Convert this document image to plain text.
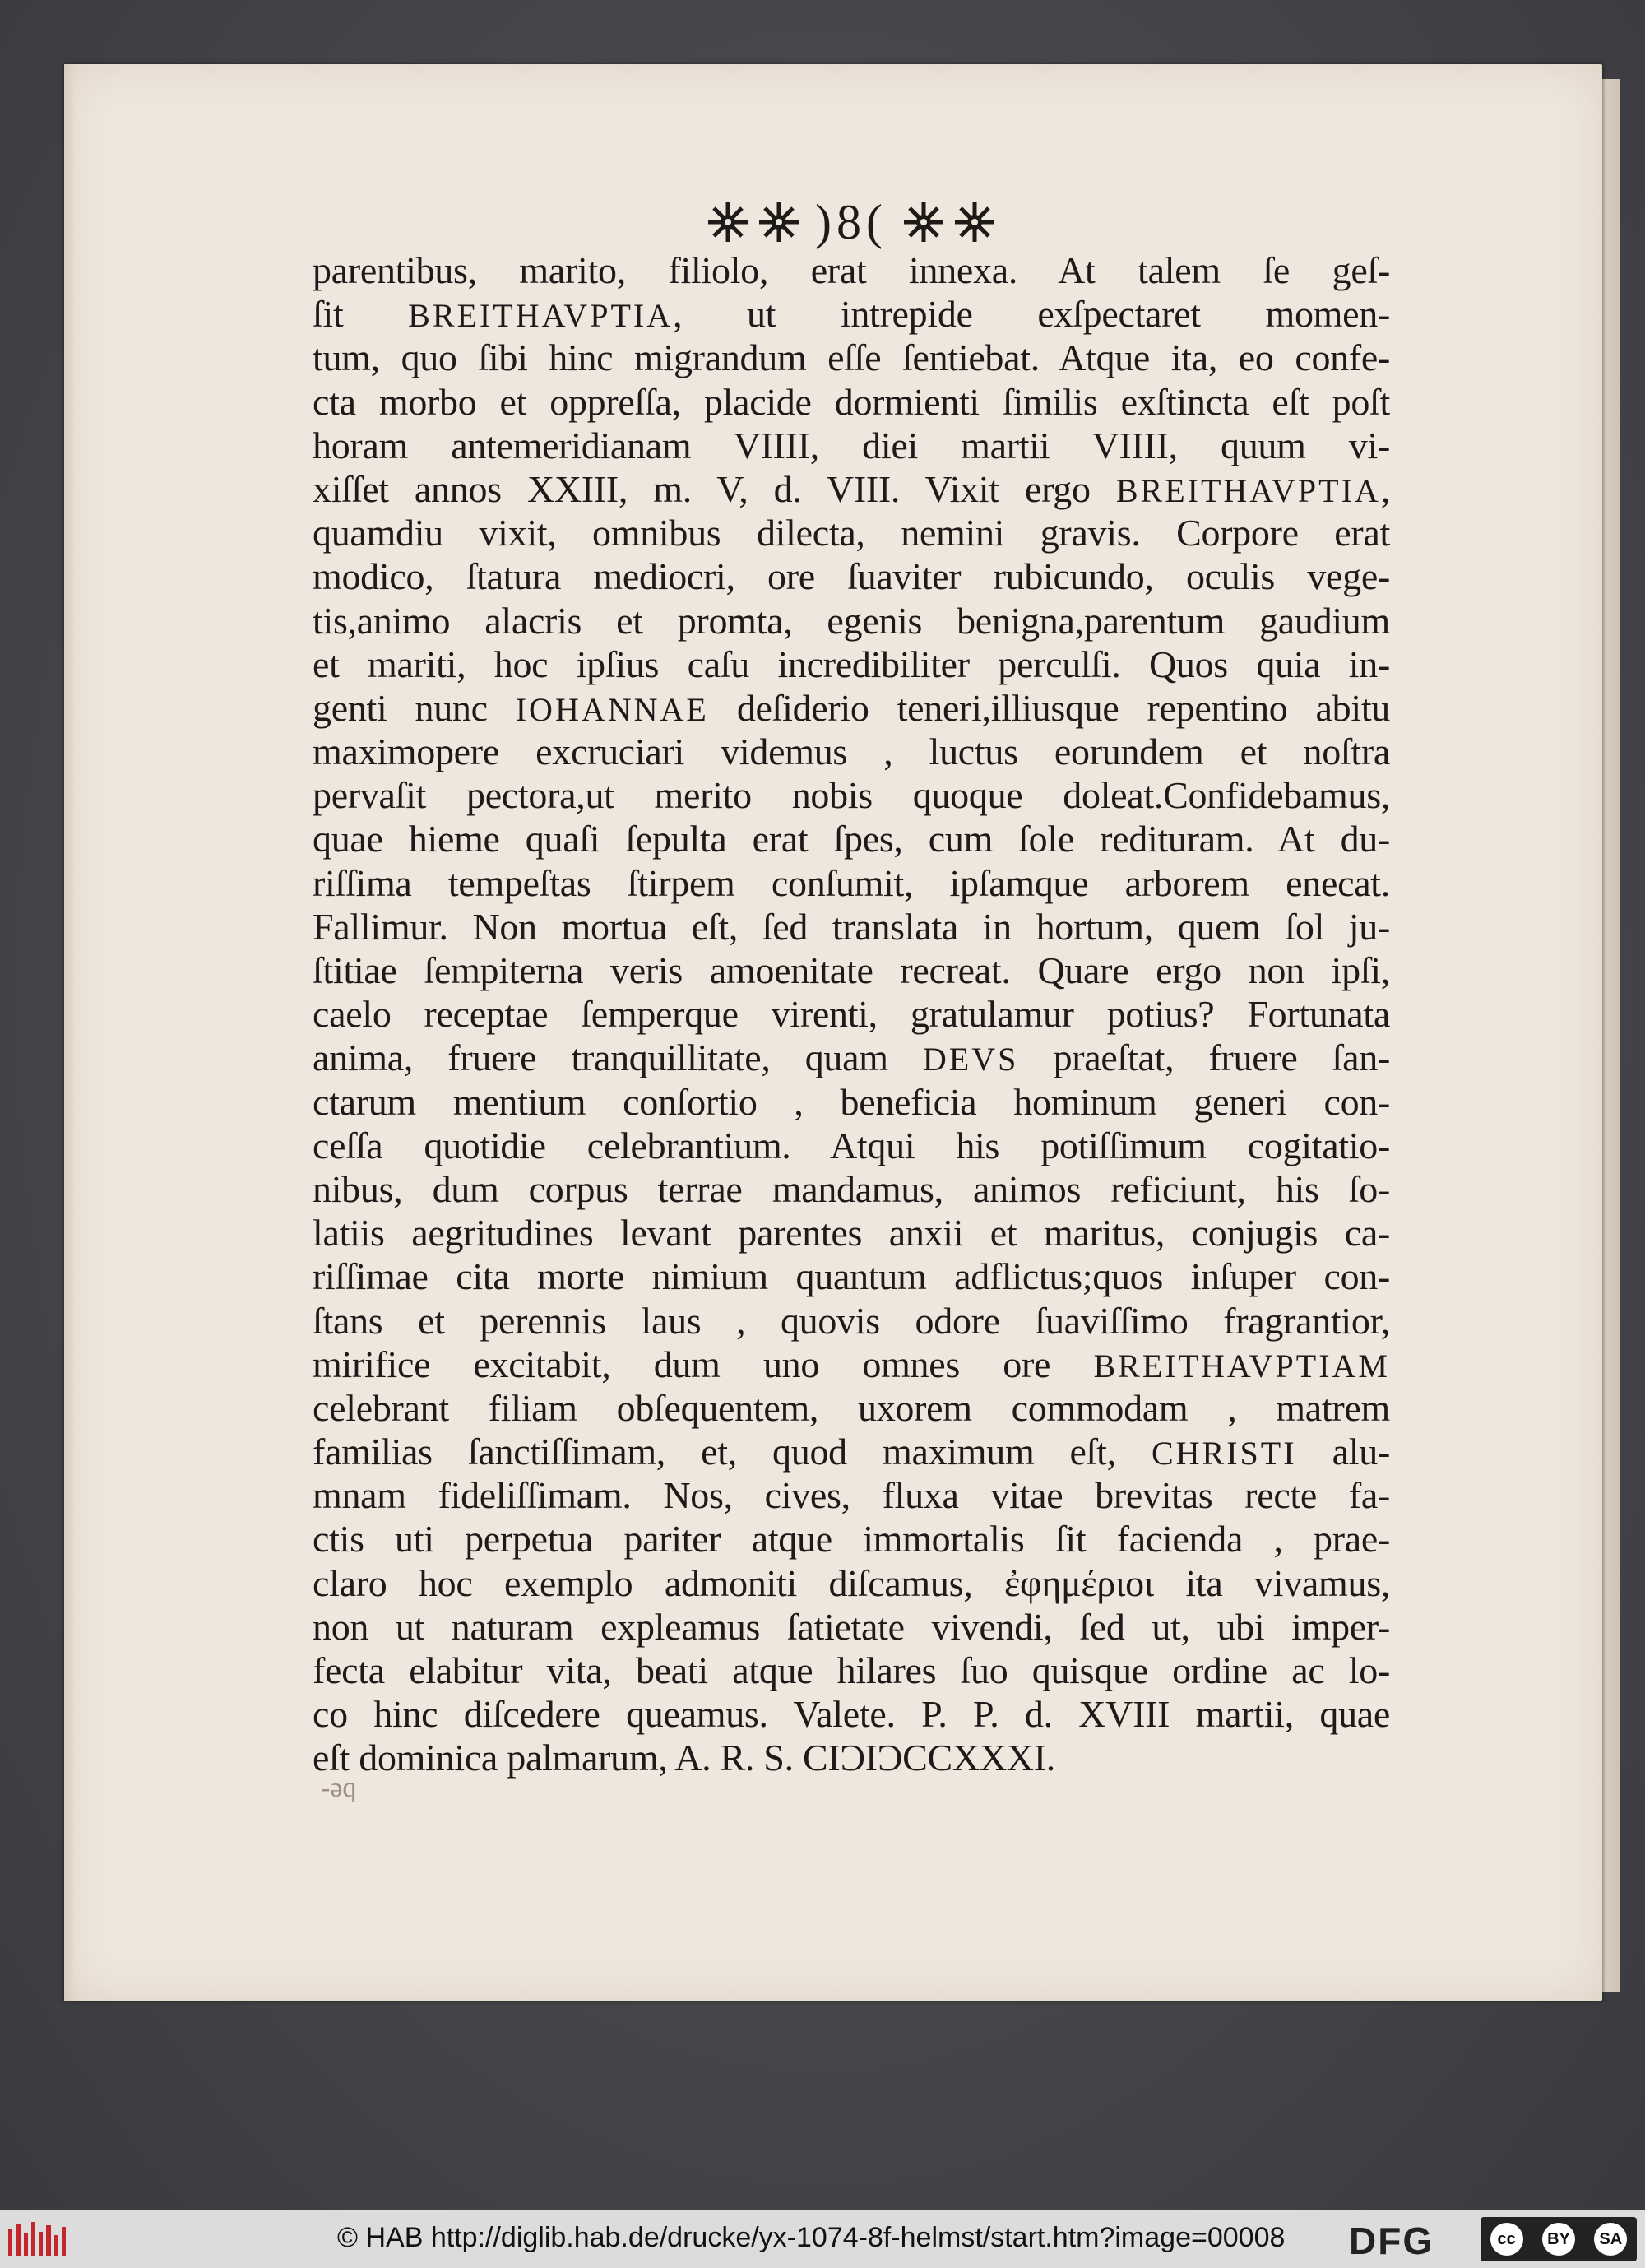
)8(
parentibus, marito, filiolo, erat innexa. At talem ſe geſ-
ſit BREITHAVPTIA, ut intrepide exſpectaret momen-
tum, quo ſibi hinc migrandum eſſe ſentiebat. Atque ita, eo confe-
cta morbo et oppreſſa, placide dormienti ſimilis exſtincta eſt poſt
horam antemeridianam VIIII, diei martii VIIII, quum vi-
xiſſet annos XXIII, m. V, d. VIII. Vixit ergo BREITHAVPTIA,
quamdiu vixit, omnibus dilecta, nemini gravis. Corpore erat
modico, ſtatura mediocri, ore ſuaviter rubicundo, oculis vege-
tis,animo alacris et promta, egenis benigna,parentum gaudium
et mariti, hoc ipſius caſu incredibiliter perculſi. Quos quia in-
genti nunc IOHANNAE deſiderio teneri,illiusque repentino abitu
maximopere excruciari videmus , luctus eorundem et noſtra
pervaſit pectora,ut merito nobis quoque doleat.Confidebamus,
quae hieme quaſi ſepulta erat ſpes, cum ſole redituram. At du-
riſſima tempeſtas ſtirpem conſumit, ipſamque arborem enecat.
Fallimur. Non mortua eſt, ſed translata in hortum, quem ſol ju-
ſtitiae ſempiterna veris amoenitate recreat. Quare ergo non ipſi,
caelo receptae ſemperque virenti, gratulamur potius? Fortunata
anima, fruere tranquillitate, quam DEVS praeſtat, fruere ſan-
ctarum mentium conſortio , beneficia hominum generi con-
ceſſa quotidie celebrantium. Atqui his potiſſimum cogitatio-
nibus, dum corpus terrae mandamus, animos reficiunt, his ſo-
latiis aegritudines levant parentes anxii et maritus, conjugis ca-
riſſimae cita morte nimium quantum adflictus;quos inſuper con-
ſtans et perennis laus , quovis odore ſuaviſſimo fragrantior,
mirifice excitabit, dum uno omnes ore BREITHAVPTIAM
celebrant filiam obſequentem, uxorem commodam , matrem
familias ſanctiſſimam, et, quod maximum eſt, CHRISTI alu-
mnam fideliſſimam. Nos, cives, fluxa vitae brevitas recte fa-
ctis uti perpetua pariter atque immortalis ſit facienda , prae-
claro hoc exemplo admoniti diſcamus, ἐφημέριοι ita vivamus,
non ut naturam expleamus ſatietate vivendi, ſed ut, ubi imper-
fecta elabitur vita, beati atque hilares ſuo quisque ordine ac lo-
co hinc diſcedere queamus. Valete. P. P. d. XVIII martii, quae
eſt dominica palmarum, A. R. S. CIƆIƆCCXXXI.
-ǝq
© HAB http://diglib.hab.de/drucke/yx-1074-8f-helmst/start.htm?image=00008 DFG	cc	BY	SA
